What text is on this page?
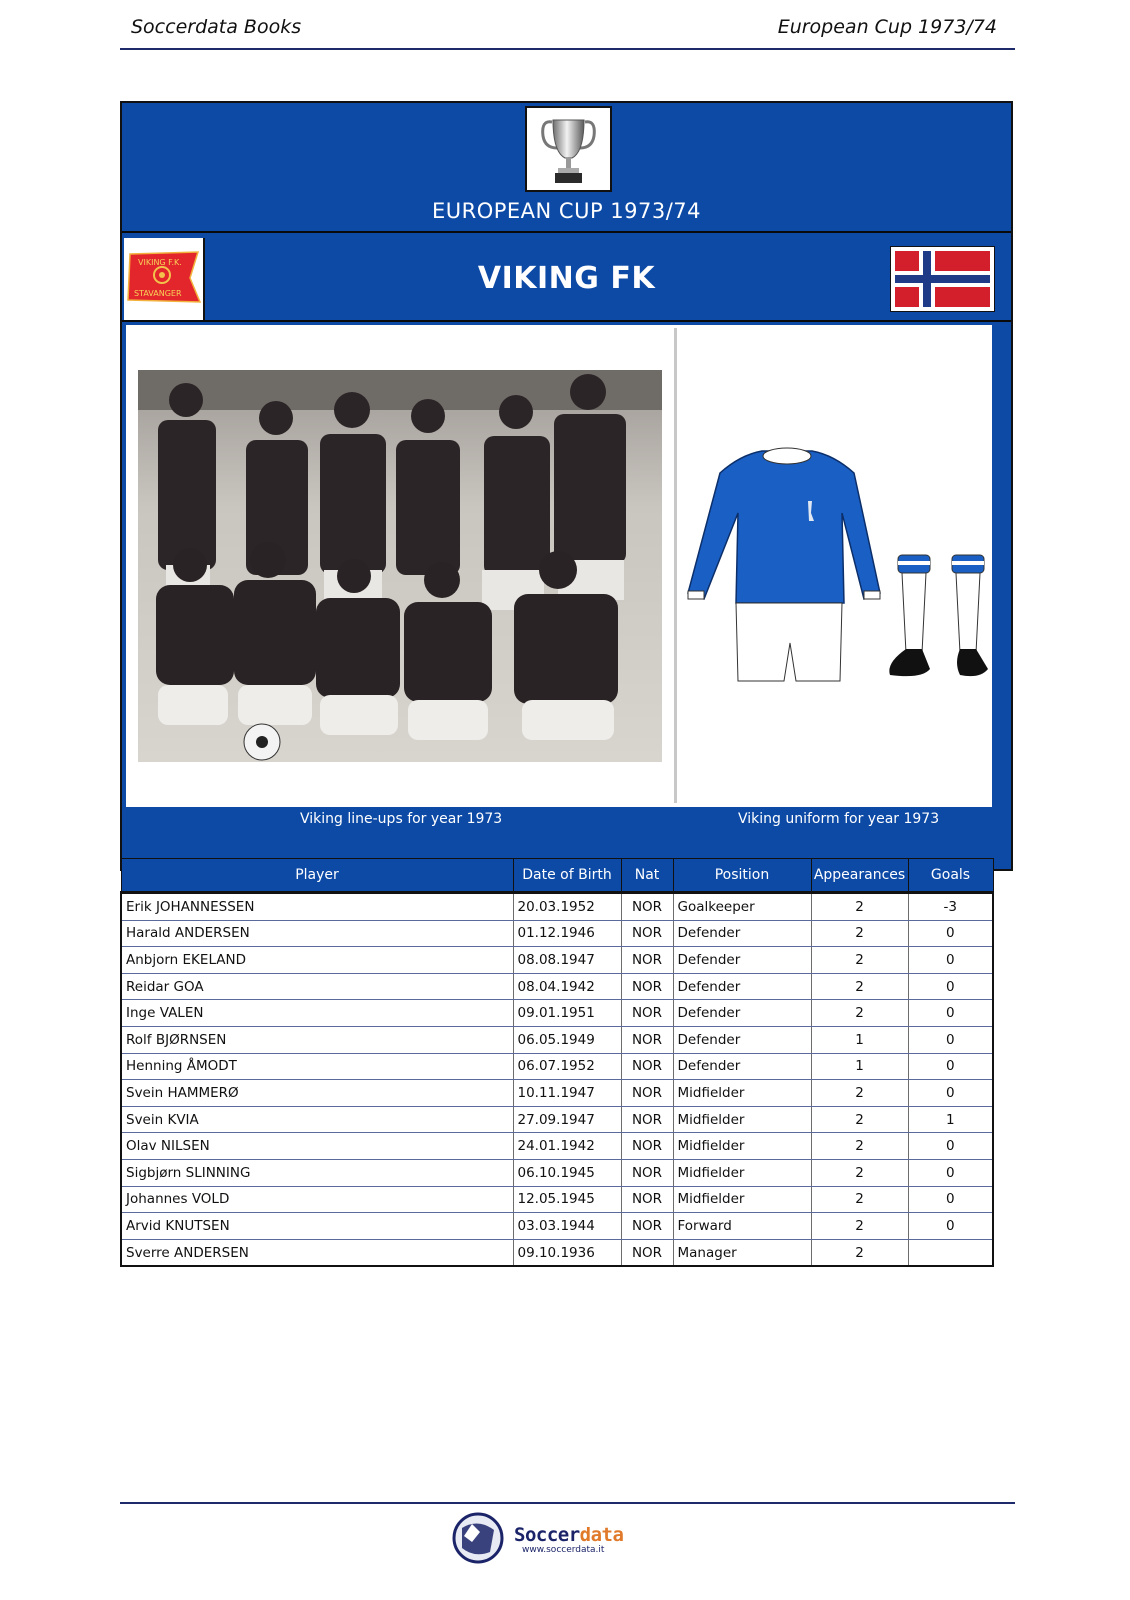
Soccerdata Books	European Cup 1973/74
EUROPEAN CUP 1973/74
VIKING F.K.
STAVANGER	VIKING FK
Viking line-ups for year 1973	Viking uniform for year 1973
Player	Date of Birth	Nat	Position	Appearances	Goals
Erik JOHANNESSEN	20.03.1952	NOR	Goalkeeper	2	-3
Harald ANDERSEN	01.12.1946	NOR	Defender	2	0
Anbjorn EKELAND	08.08.1947	NOR	Defender	2	0
Reidar GOA	08.04.1942	NOR	Defender	2	0
Inge VALEN	09.01.1951	NOR	Defender	2	0
Rolf BJØRNSEN	06.05.1949	NOR	Defender	1	0
Henning ÅMODT	06.07.1952	NOR	Defender	1	0
Svein HAMMERØ	10.11.1947	NOR	Midfielder	2	0
Svein KVIA	27.09.1947	NOR	Midfielder	2	1
Olav NILSEN	24.01.1942	NOR	Midfielder	2	0
Sigbjørn SLINNING	06.10.1945	NOR	Midfielder	2	0
Johannes VOLD	12.05.1945	NOR	Midfielder	2	0
Arvid KNUTSEN	03.03.1944	NOR	Forward	2	0
Sverre ANDERSEN	09.10.1936	NOR	Manager	2	
Soccerdata
www.soccerdata.it
